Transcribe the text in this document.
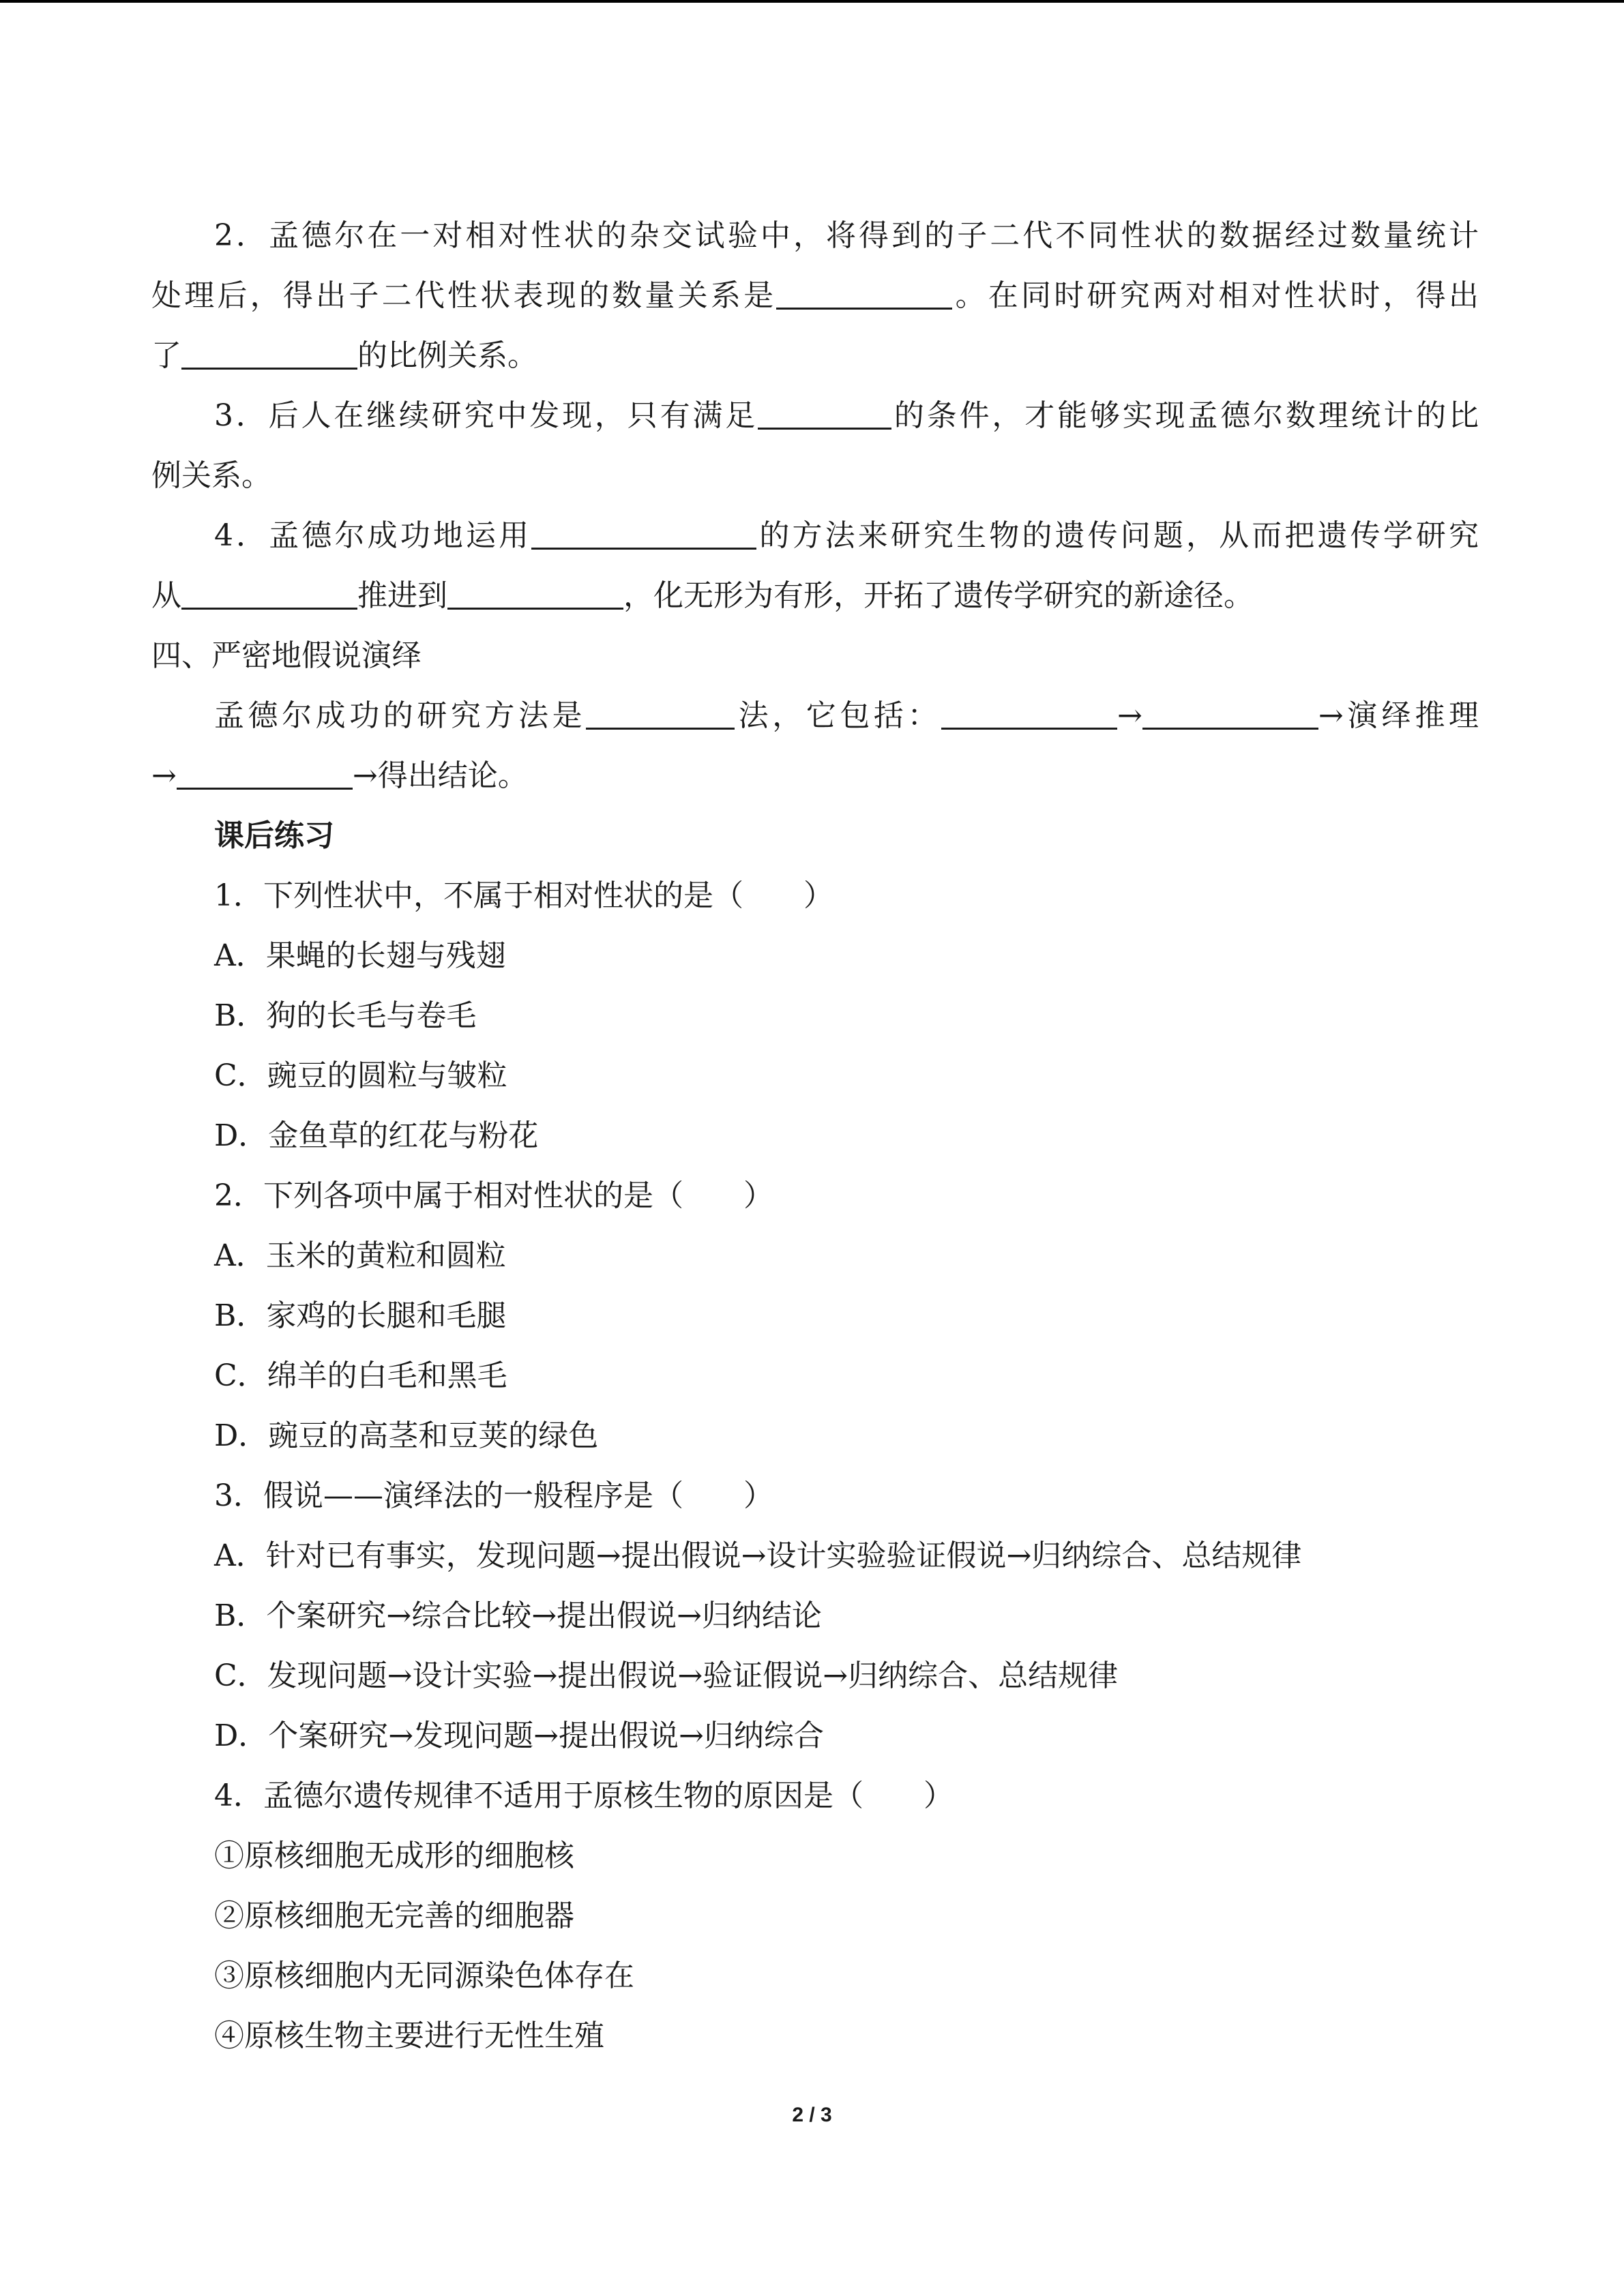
2．孟德尔在一对相对性状的杂交试验中，将得到的子二代不同性状的数据经过数量统计
处理后，得出子二代性状表现的数量关系是	。在同时研究两对相对性状时，得出
了	的比例关系。
3．后人在继续研究中发现，只有满足	的条件，才能够实现孟德尔数理统计的比
例关系。
4．孟德尔成功地运用	的方法来研究生物的遗传问题，从而把遗传学研究
从	推进到	，化无形为有形，开拓了遗传学研究的新途径。
四、严密地假说演绎
孟德尔成功的研究方法是	法，它包括：	→	→演绎推理
→	→得出结论。
课后练习
1．下列性状中，不属于相对性状的是（　　）
A．果蝇的长翅与残翅
B．狗的长毛与卷毛
C．豌豆的圆粒与皱粒
D．金鱼草的红花与粉花
2．下列各项中属于相对性状的是（　　）
A．玉米的黄粒和圆粒
B．家鸡的长腿和毛腿
C．绵羊的白毛和黑毛
D．豌豆的高茎和豆荚的绿色
3．假说——演绎法的一般程序是（　　）
A．针对已有事实，发现问题→提出假说→设计实验验证假说→归纳综合、总结规律
B．个案研究→综合比较→提出假说→归纳结论
C．发现问题→设计实验→提出假说→验证假说→归纳综合、总结规律
D．个案研究→发现问题→提出假说→归纳综合
4．孟德尔遗传规律不适用于原核生物的原因是（　　）
①原核细胞无成形的细胞核
②原核细胞无完善的细胞器
③原核细胞内无同源染色体存在
④原核生物主要进行无性生殖
2 / 3
